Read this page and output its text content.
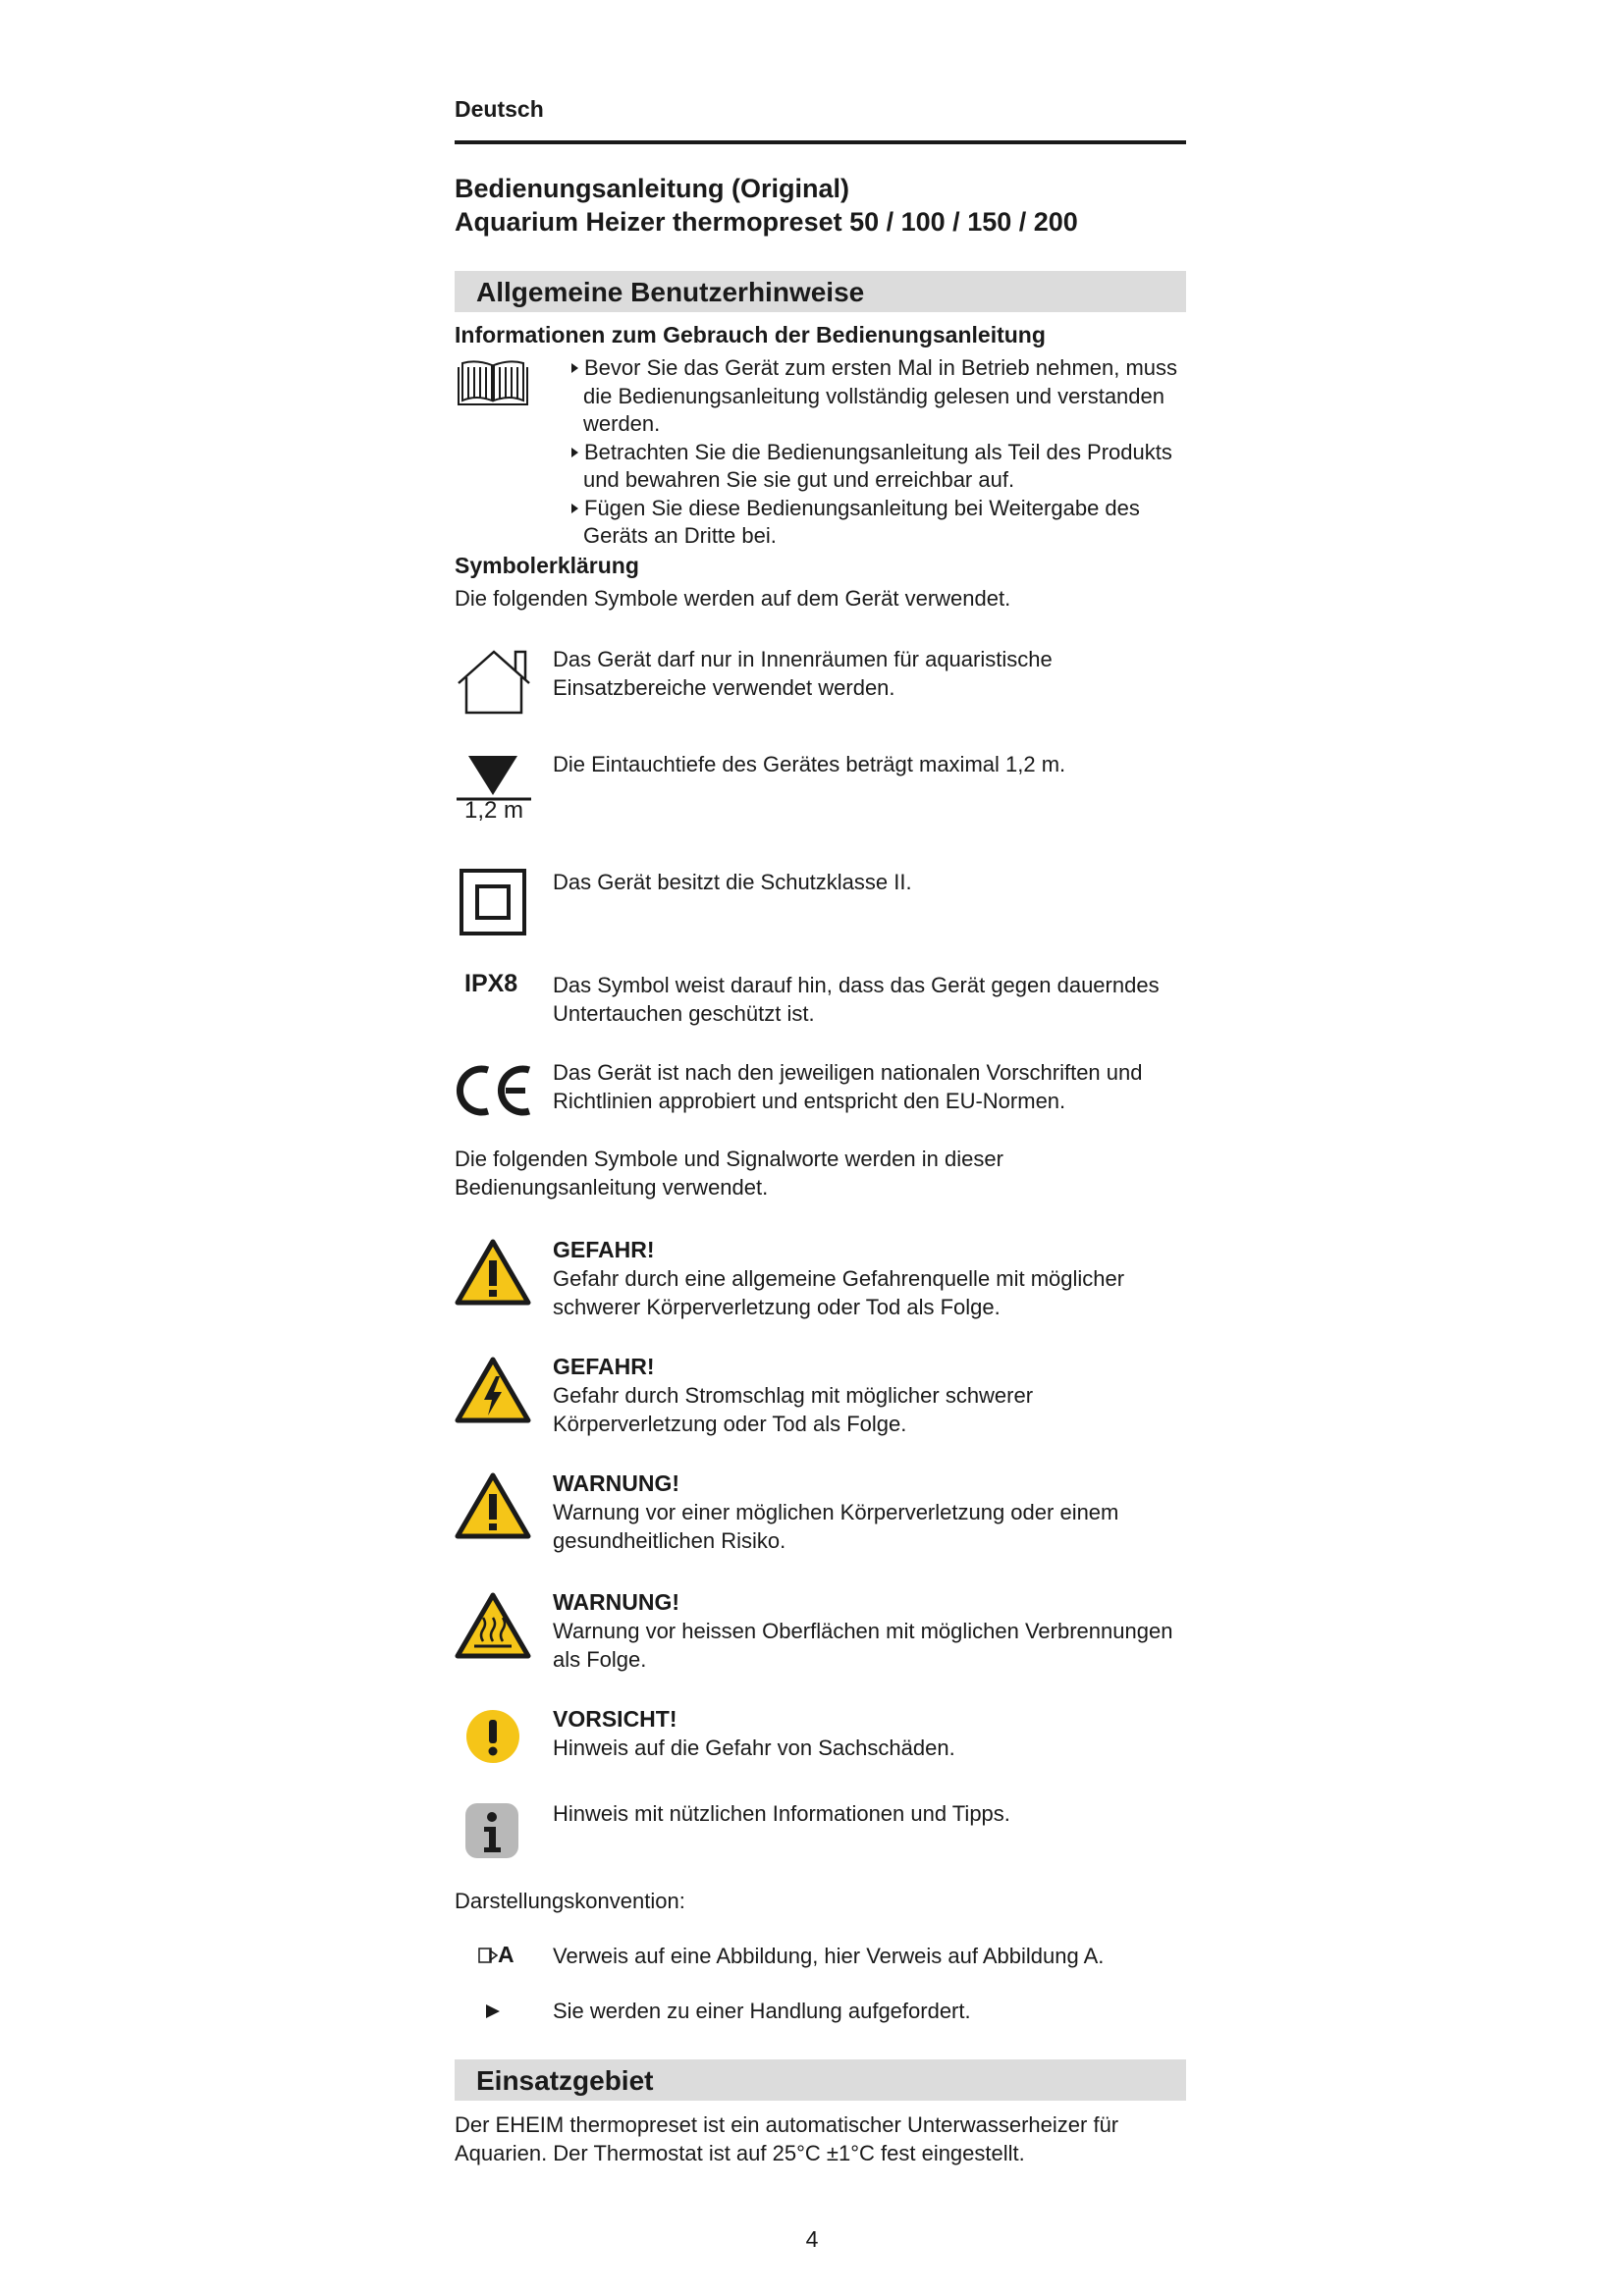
Deutsch
Bedienungsanleitung (Original)
Aquarium Heizer thermopreset 50 / 100 / 150 / 200
Allgemeine Benutzerhinweise
Informationen zum Gebrauch der Bedienungsanleitung
Bevor Sie das Gerät zum ersten Mal in Betrieb nehmen, muss die Bedienungsanleitung vollständig gelesen und verstanden werden.
Betrachten Sie die Bedienungsanleitung als Teil des Produkts und bewahren Sie sie gut und erreichbar auf.
Fügen Sie diese Bedienungsanleitung bei Weitergabe des Geräts an Dritte bei.
Symbolerklärung
Die folgenden Symbole werden auf dem Gerät verwendet.
Das Gerät darf nur in Innenräumen für aquaristische Einsatzbereiche verwendet werden.
1,2 m
Die Eintauchtiefe des Gerätes beträgt maximal 1,2 m.
Das Gerät besitzt die Schutzklasse II.
IPX8 Das Symbol weist darauf hin, dass das Gerät gegen dauerndes Untertauchen geschützt ist.
Das Gerät ist nach den jeweiligen nationalen Vorschriften und Richtlinien approbiert und entspricht den EU-Normen.
Die folgenden Symbole und Signalworte werden in dieser Bedienungsanleitung verwendet.
GEFAHR!
Gefahr durch eine allgemeine Gefahrenquelle mit möglicher schwerer Körperverletzung oder Tod als Folge.
GEFAHR!
Gefahr durch Stromschlag mit möglicher schwerer Körperverletzung oder Tod als Folge.
WARNUNG!
Warnung vor einer möglichen Körperverletzung oder einem gesundheitlichen Risiko.
WARNUNG!
Warnung vor heissen Oberflächen mit möglichen Verbrennungen als Folge.
VORSICHT!
Hinweis auf die Gefahr von Sachschäden.
Hinweis mit nützlichen Informationen und Tipps.
Darstellungskonvention:
A Verweis auf eine Abbildung, hier Verweis auf Abbildung A.
Sie werden zu einer Handlung aufgefordert.
Einsatzgebiet
Der EHEIM thermopreset ist ein automatischer Unterwasserheizer für Aquarien. Der Thermostat ist auf 25°C ±1°C fest eingestellt.
4
